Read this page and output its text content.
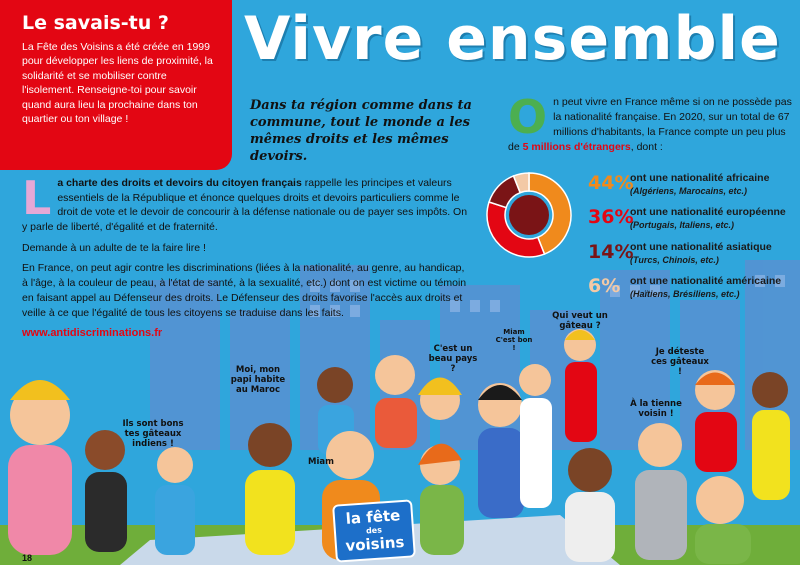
Le savais-tu ?

La Fête des Voisins a été créée en 1999 pour développer les liens de proximité, la solidarité et se mobiliser contre l'isolement. Renseigne-toi pour savoir quand aura lieu la prochaine dans ton quartier ou ton village !

Vivre ensemble
Dans ta région comme dans ta commune, tout le monde a les mêmes droits et les mêmes devoirs.
O n peut vivre en France même si on ne possède pas la nationalité française. En 2020, sur un total de 67 millions d'habitants, la France compte un peu plus de 5 millions d'étrangers, dont :
44%
ont une nationalité africaine
(Algériens, Marocains, etc.)
36%
ont une nationalité européenne
(Portugais, Italiens, etc.)
14%
ont une nationalité asiatique
(Turcs, Chinois, etc.)
6% ont une nationalité américaine
(Haïtiens, Brésiliens, etc.)

La charte des droits et devoirs du citoyen français rappelle les principes et valeurs essentiels de la République et énonce quelques droits et devoirs particuliers comme le droit de vote et le devoir de concourir à la défense nationale ou de payer ses impôts. On y parle de liberté, d'égalité et de fraternité.

Demande à un adulte de te la faire lire !

En France, on peut agir contre les discriminations (liées à la nationalité, au genre, au handicap, à l'âge, à la couleur de peau, à l'état de santé, à la sexualité, etc.) dont on est victime ou témoin en faisant appel au Défenseur des droits. Le Défenseur des droits favorise l'accès aux droits et veille à ce que l'égalité de tous les citoyens se traduise dans les faits.

www.antidiscriminations.fr

Moi, mon papi habite au Maroc
C'est un beau pays ?
Miam C'est bon !
Qui veut un gâteau ?
Je déteste ces gâteaux !
À la tienne voisin !
Ils sont bons tes gâteaux indiens !
Miam
la fête
des
voisins
18
